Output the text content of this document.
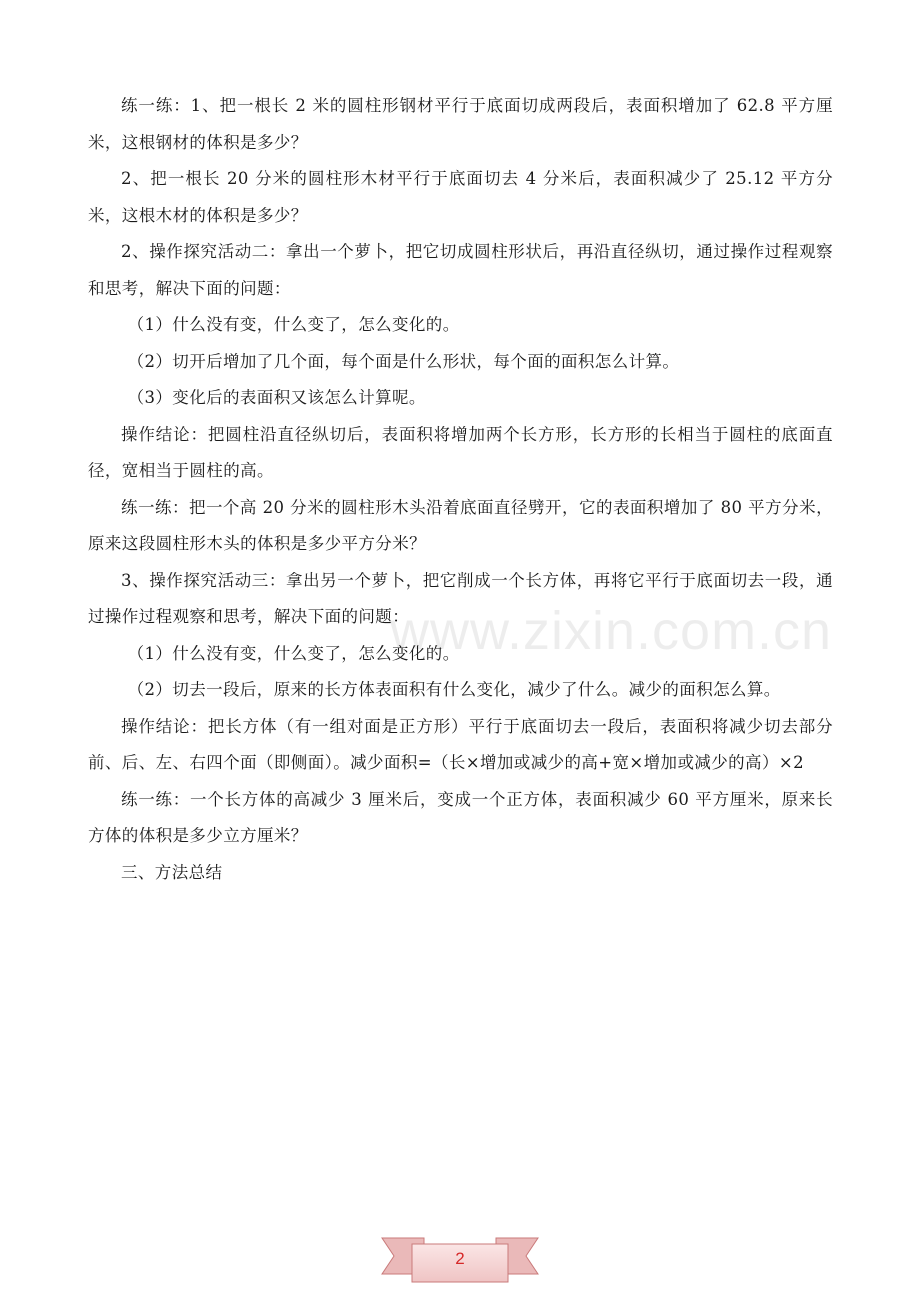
www.zixin.com.cn

练一练：1、把一根长 2 米的圆柱形钢材平行于底面切成两段后，表面积增加了 62.8 平方厘米，这根钢材的体积是多少？

2、把一根长 20 分米的圆柱形木材平行于底面切去 4 分米后，表面积减少了 25.12 平方分米，这根木材的体积是多少？

2、操作探究活动二：拿出一个萝卜，把它切成圆柱形状后，再沿直径纵切，通过操作过程观察和思考，解决下面的问题：

（1）什么没有变，什么变了，怎么变化的。

（2）切开后增加了几个面，每个面是什么形状，每个面的面积怎么计算。

（3）变化后的表面积又该怎么计算呢。

操作结论：把圆柱沿直径纵切后，表面积将增加两个长方形，长方形的长相当于圆柱的底面直径，宽相当于圆柱的高。

练一练：把一个高 20 分米的圆柱形木头沿着底面直径劈开，它的表面积增加了 80 平方分米，原来这段圆柱形木头的体积是多少平方分米？

3、操作探究活动三：拿出另一个萝卜，把它削成一个长方体，再将它平行于底面切去一段，通过操作过程观察和思考，解决下面的问题：

（1）什么没有变，什么变了，怎么变化的。

（2）切去一段后，原来的长方体表面积有什么变化，减少了什么。减少的面积怎么算。

操作结论：把长方体（有一组对面是正方形）平行于底面切去一段后，表面积将减少切去部分前、后、左、右四个面（即侧面）。减少面积=（长×增加或减少的高+宽×增加或减少的高）×2

练一练：一个长方体的高减少 3 厘米后，变成一个正方体，表面积减少 60 平方厘米，原来长方体的体积是多少立方厘米？

三、方法总结

2
